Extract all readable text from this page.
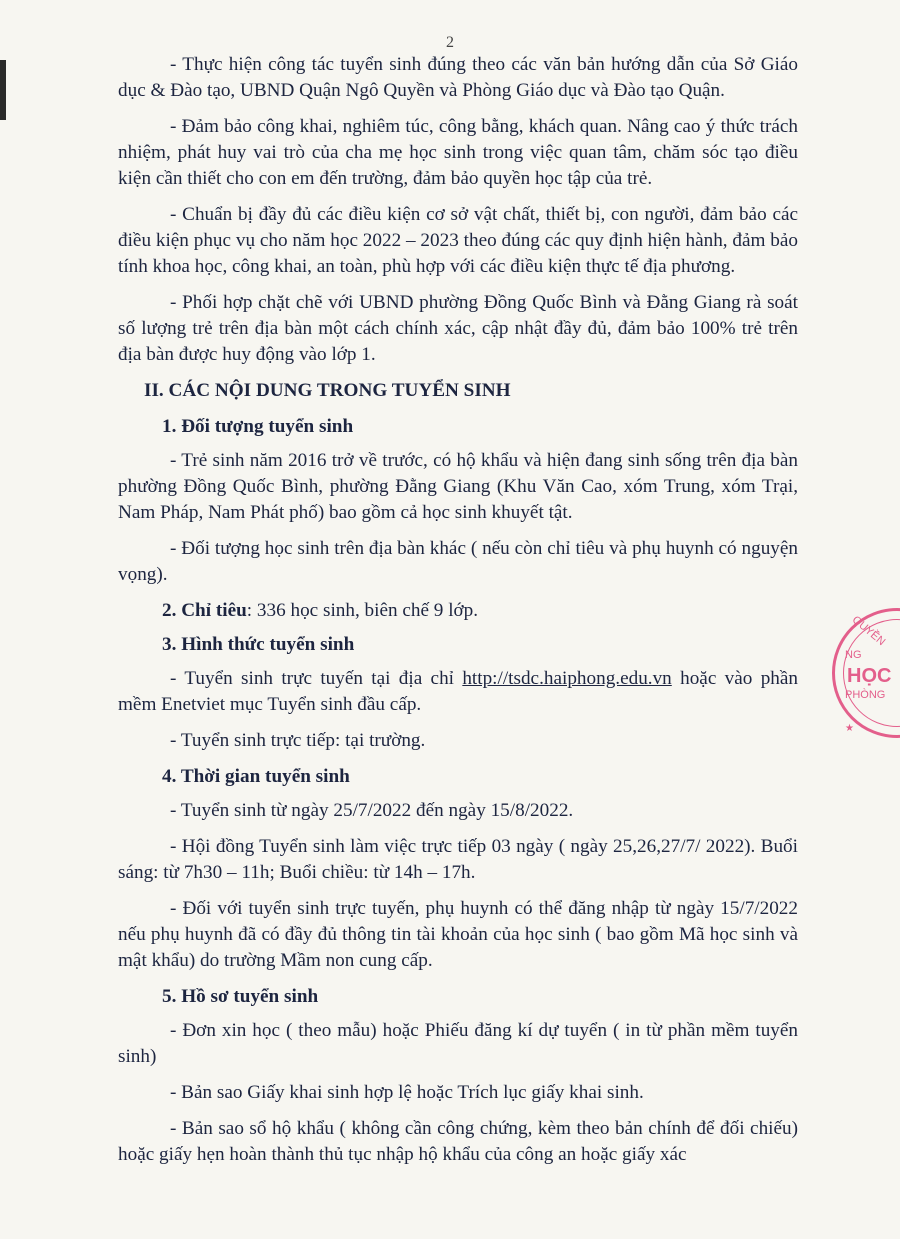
2

- Thực hiện công tác tuyển sinh đúng theo các văn bản hướng dẫn của Sở Giáo dục & Đào tạo, UBND Quận Ngô Quyền và Phòng Giáo dục và Đào tạo Quận.

- Đảm bảo công khai, nghiêm túc, công bằng, khách quan. Nâng cao ý thức trách nhiệm, phát huy vai trò của cha mẹ học sinh trong việc quan tâm, chăm sóc tạo điều kiện cần thiết cho con em đến trường, đảm bảo quyền học tập của trẻ.

- Chuẩn bị đầy đủ các điều kiện cơ sở vật chất, thiết bị, con người, đảm bảo các điều kiện phục vụ cho năm học 2022 – 2023 theo đúng các quy định hiện hành, đảm bảo tính khoa học, công khai, an toàn, phù hợp với các điều kiện thực tế địa phương.

- Phối hợp chặt chẽ với UBND phường Đồng Quốc Bình và Đằng Giang rà soát số lượng trẻ trên địa bàn một cách chính xác, cập nhật đầy đủ, đảm bảo 100% trẻ trên địa bàn được huy động vào lớp 1.

II. CÁC NỘI DUNG TRONG TUYỂN SINH

1. Đối tượng tuyển sinh

- Trẻ sinh năm 2016 trở về trước, có hộ khẩu và hiện đang sinh sống trên địa bàn phường Đồng Quốc Bình, phường Đằng Giang (Khu Văn Cao, xóm Trung, xóm Trại, Nam Pháp, Nam Phát phố) bao gồm cả học sinh khuyết tật.

- Đối tượng học sinh trên địa bàn khác ( nếu còn chỉ tiêu và phụ huynh có nguyện vọng).

2. Chỉ tiêu: 336 học sinh, biên chế 9 lớp.

3. Hình thức tuyển sinh

- Tuyển sinh trực tuyến tại địa chỉ http://tsdc.haiphong.edu.vn hoặc vào phần mềm Enetviet mục Tuyển sinh đầu cấp.

- Tuyển sinh trực tiếp: tại trường.

4. Thời gian tuyển sinh

- Tuyển sinh từ ngày 25/7/2022 đến ngày 15/8/2022.

- Hội đồng Tuyển sinh làm việc trực tiếp 03 ngày ( ngày 25,26,27/7/ 2022). Buổi sáng: từ 7h30 – 11h; Buổi chiều: từ 14h – 17h.

- Đối với tuyển sinh trực tuyến, phụ huynh có thể đăng nhập từ ngày 15/7/2022 nếu phụ huynh đã có đầy đủ thông tin tài khoản của học sinh ( bao gồm Mã học sinh và mật khẩu) do trường Mầm non cung cấp.

5. Hồ sơ tuyển sinh

- Đơn xin học ( theo mẫu) hoặc Phiếu đăng kí dự tuyển ( in từ phần mềm tuyển sinh)

- Bản sao Giấy khai sinh hợp lệ hoặc Trích lục giấy khai sinh.

- Bản sao sổ hộ khẩu ( không cần công chứng, kèm theo bản chính để đối chiếu) hoặc giấy hẹn hoàn thành thủ tục nhập hộ khẩu của công an hoặc giấy xác

QUYỀN
NG
HỌC
PHÒNG
★
